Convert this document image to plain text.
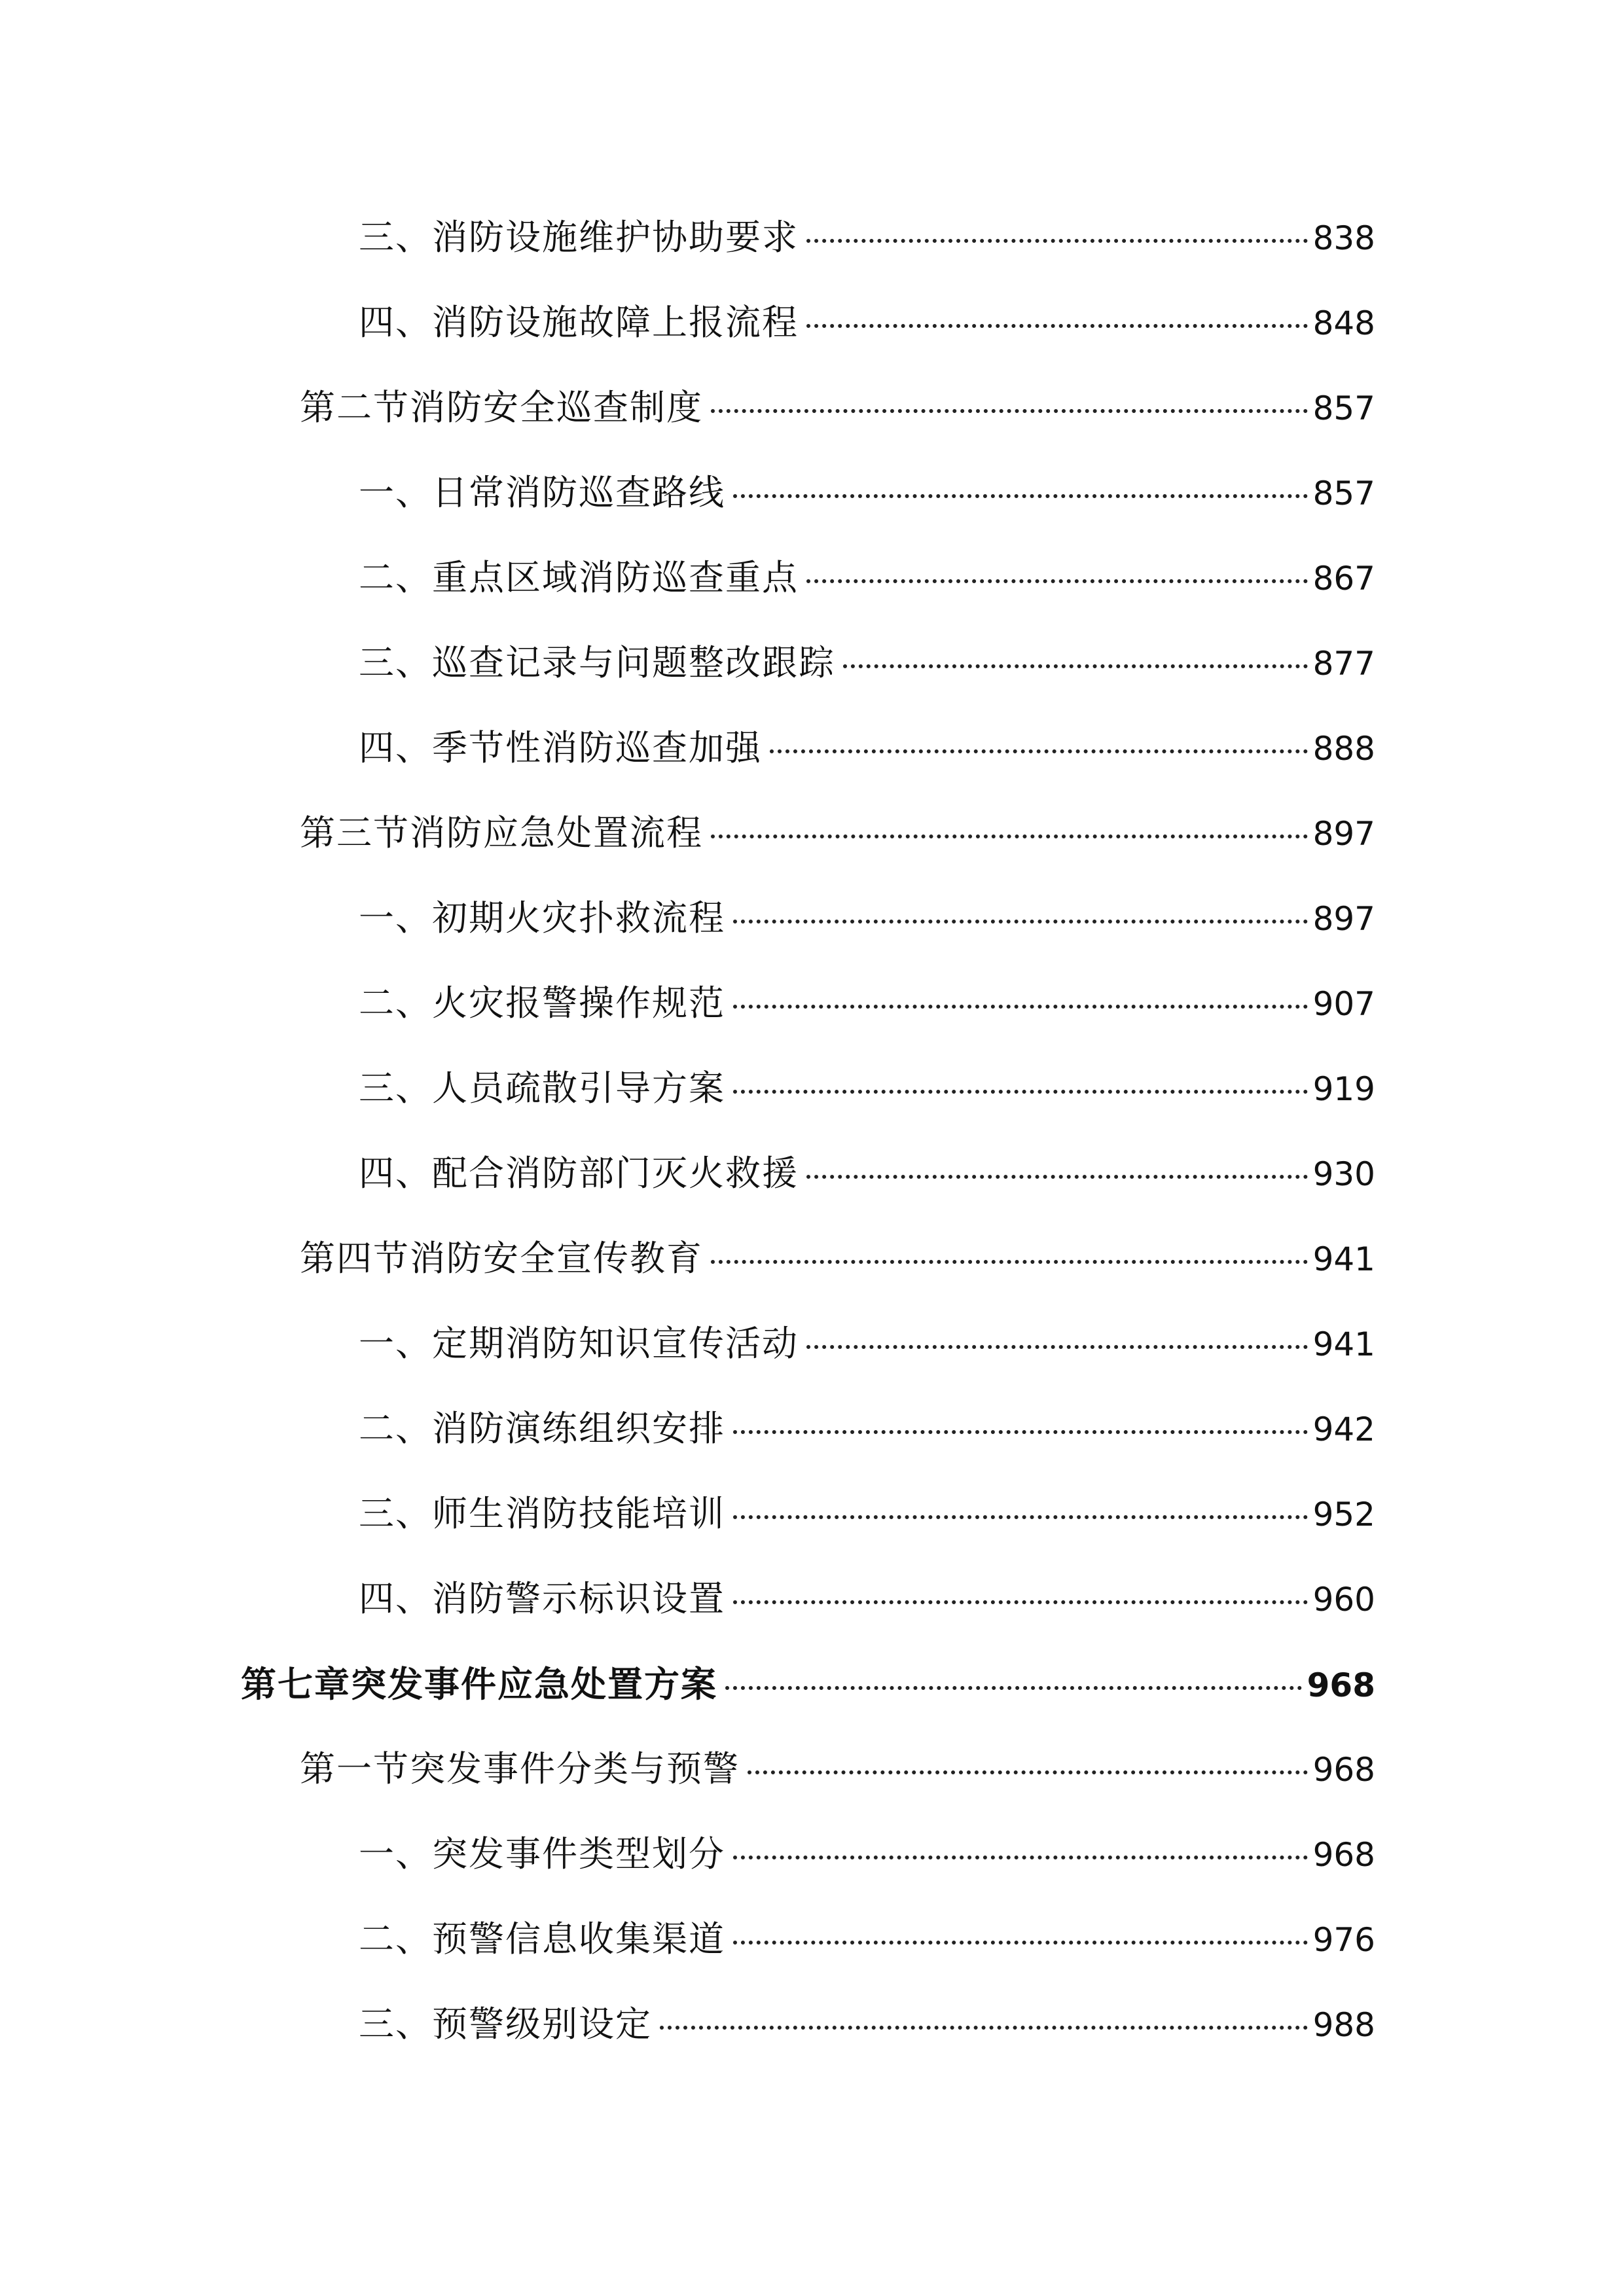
三、消防设施维护协助要求	838
四、消防设施故障上报流程	848
第二节消防安全巡查制度	857
一、日常消防巡查路线	857
二、重点区域消防巡查重点	867
三、巡查记录与问题整改跟踪	877
四、季节性消防巡查加强	888
第三节消防应急处置流程	897
一、初期火灾扑救流程	897
二、火灾报警操作规范	907
三、人员疏散引导方案	919
四、配合消防部门灭火救援	930
第四节消防安全宣传教育	941
一、定期消防知识宣传活动	941
二、消防演练组织安排	942
三、师生消防技能培训	952
四、消防警示标识设置	960
第七章突发事件应急处置方案	968
第一节突发事件分类与预警	968
一、突发事件类型划分	968
二、预警信息收集渠道	976
三、预警级别设定	988
